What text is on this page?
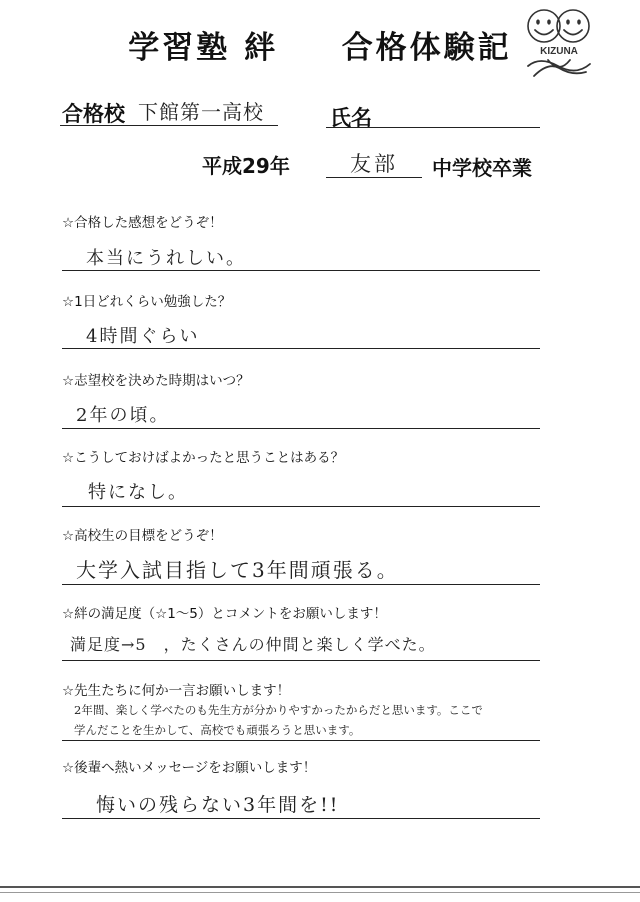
学習塾 絆 合格体験記	KIZUNA
合格校 下館第一高校	氏名
平成29年	友部 中学校卒業
☆合格した感想をどうぞ！
本当にうれしい。
☆1日どれくらい勉強した？
4時間ぐらい
☆志望校を決めた時期はいつ？
2年の頃。
☆こうしておけばよかったと思うことはある？
特になし。
☆高校生の目標をどうぞ！
大学入試目指して3年間頑張る。
☆絆の満足度（☆1～5）とコメントをお願いします！
満足度→5　，たくさんの仲間と楽しく学べた。
☆先生たちに何か一言お願いします！
2年間、楽しく学べたのも先生方が分かりやすかったからだと思います。ここで
学んだことを生かして、高校でも頑張ろうと思います。
☆後輩へ熱いメッセージをお願いします！
悔いの残らない3年間を!!
